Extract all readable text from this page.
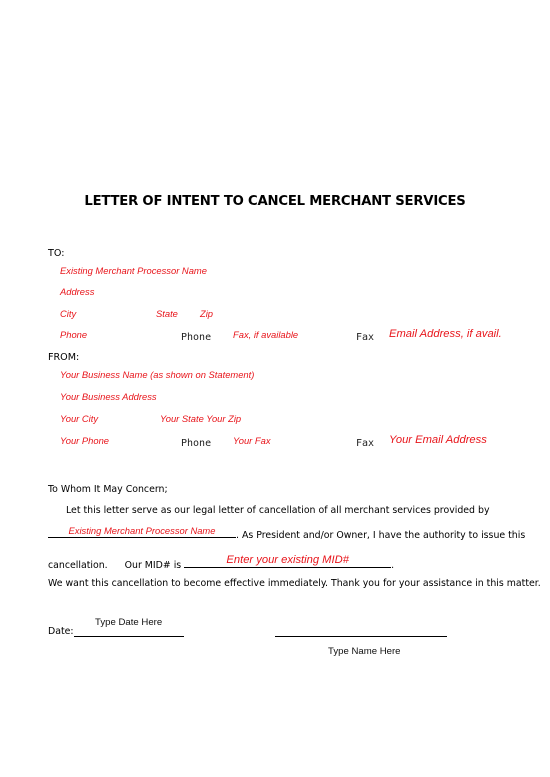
LETTER OF INTENT TO CANCEL MERCHANT SERVICES
TO:
Existing Merchant Processor Name
Address
City	State Zip
Phone	Phone Fax, if available	Fax Email Address, if avail.
FROM:
Your Business Name (as shown on Statement)
Your Business Address
Your City	Your State Your Zip
Your Phone	Phone Your Fax	Fax Your Email Address
To Whom It May Concern;
Let this letter serve as our legal letter of cancellation of all merchant services provided by
Existing Merchant Processor Name	. As President and/or Owner, I have the authority to issue this
cancellation. Our MID# is	Enter your existing MID#	.
We want this cancellation to become effective immediately. Thank you for your assistance in this matter.
Type Date Here
Date:
Type Name Here
